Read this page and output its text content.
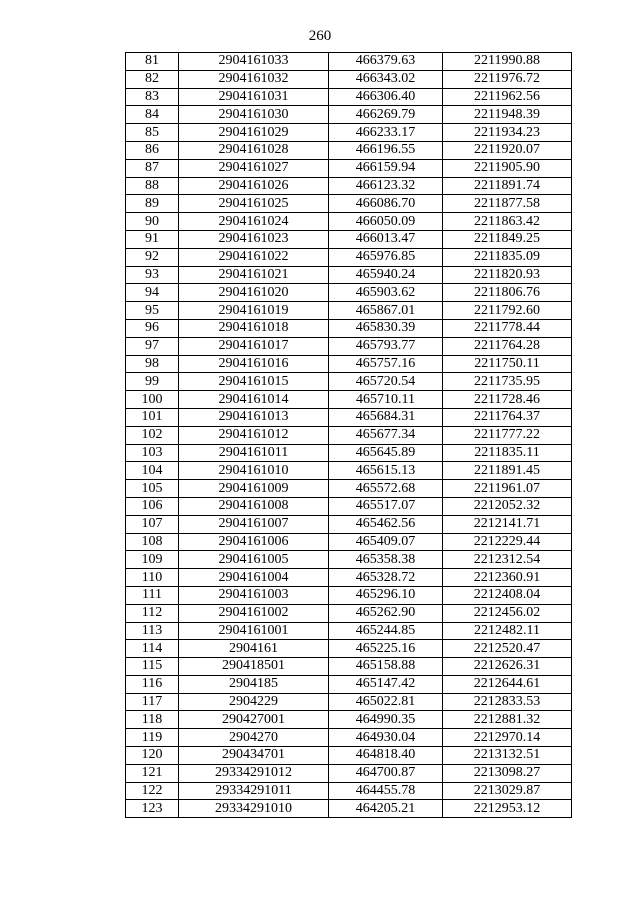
260
81	2904161033	466379.63	2211990.88
82	2904161032	466343.02	2211976.72
83	2904161031	466306.40	2211962.56
84	2904161030	466269.79	2211948.39
85	2904161029	466233.17	2211934.23
86	2904161028	466196.55	2211920.07
87	2904161027	466159.94	2211905.90
88	2904161026	466123.32	2211891.74
89	2904161025	466086.70	2211877.58
90	2904161024	466050.09	2211863.42
91	2904161023	466013.47	2211849.25
92	2904161022	465976.85	2211835.09
93	2904161021	465940.24	2211820.93
94	2904161020	465903.62	2211806.76
95	2904161019	465867.01	2211792.60
96	2904161018	465830.39	2211778.44
97	2904161017	465793.77	2211764.28
98	2904161016	465757.16	2211750.11
99	2904161015	465720.54	2211735.95
100	2904161014	465710.11	2211728.46
101	2904161013	465684.31	2211764.37
102	2904161012	465677.34	2211777.22
103	2904161011	465645.89	2211835.11
104	2904161010	465615.13	2211891.45
105	2904161009	465572.68	2211961.07
106	2904161008	465517.07	2212052.32
107	2904161007	465462.56	2212141.71
108	2904161006	465409.07	2212229.44
109	2904161005	465358.38	2212312.54
110	2904161004	465328.72	2212360.91
111	2904161003	465296.10	2212408.04
112	2904161002	465262.90	2212456.02
113	2904161001	465244.85	2212482.11
114	2904161	465225.16	2212520.47
115	290418501	465158.88	2212626.31
116	2904185	465147.42	2212644.61
117	2904229	465022.81	2212833.53
118	290427001	464990.35	2212881.32
119	2904270	464930.04	2212970.14
120	290434701	464818.40	2213132.51
121	29334291012	464700.87	2213098.27
122	29334291011	464455.78	2213029.87
123	29334291010	464205.21	2212953.12
